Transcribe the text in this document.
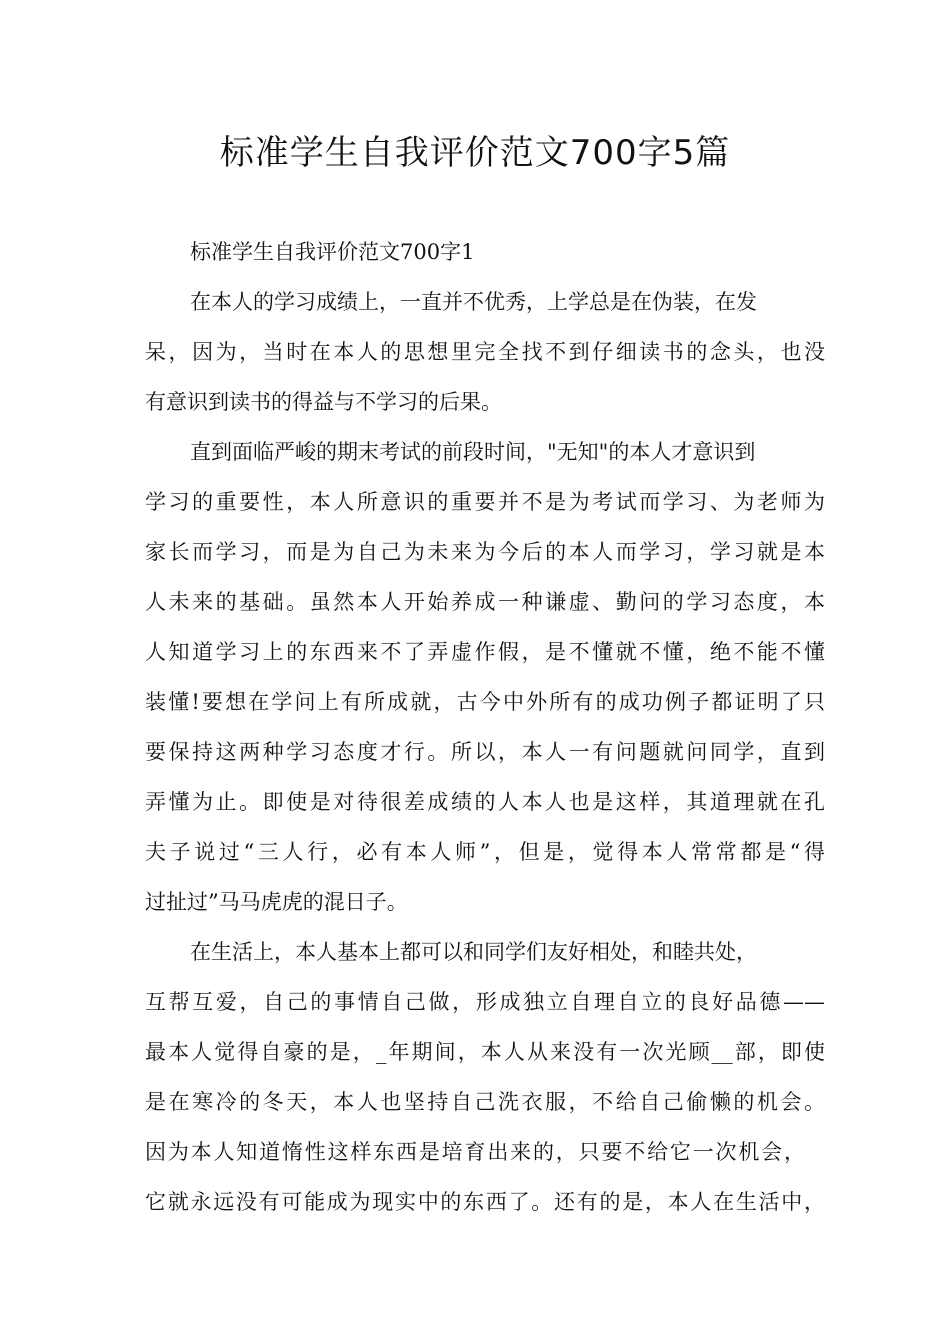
标准学生自我评价范文700字5篇
标准学生自我评价范文700字1
在本人的学习成绩上，一直并不优秀，上学总是在伪装，在发
呆，因为，当时在本人的思想里完全找不到仔细读书的念头，也没
有意识到读书的得益与不学习的后果。
直到面临严峻的期末考试的前段时间，"无知"的本人才意识到
学习的重要性，本人所意识的重要并不是为考试而学习、为老师为
家长而学习，而是为自己为未来为今后的本人而学习，学习就是本
人未来的基础。虽然本人开始养成一种谦虚、勤问的学习态度，本
人知道学习上的东西来不了弄虚作假，是不懂就不懂，绝不能不懂
装懂!要想在学问上有所成就，古今中外所有的成功例子都证明了只
要保持这两种学习态度才行。所以，本人一有问题就问同学，直到
弄懂为止。即使是对待很差成绩的人本人也是这样，其道理就在孔
夫子说过“三人行，必有本人师”，但是，觉得本人常常都是“得
过扯过”马马虎虎的混日子。
在生活上，本人基本上都可以和同学们友好相处，和睦共处，
互帮互爱，自己的事情自己做，形成独立自理自立的良好品德——
最本人觉得自豪的是，_年期间，本人从来没有一次光顾__部，即使
是在寒冷的冬天，本人也坚持自己洗衣服，不给自己偷懒的机会。
因为本人知道惰性这样东西是培育出来的，只要不给它一次机会，
它就永远没有可能成为现实中的东西了。还有的是，本人在生活中，
